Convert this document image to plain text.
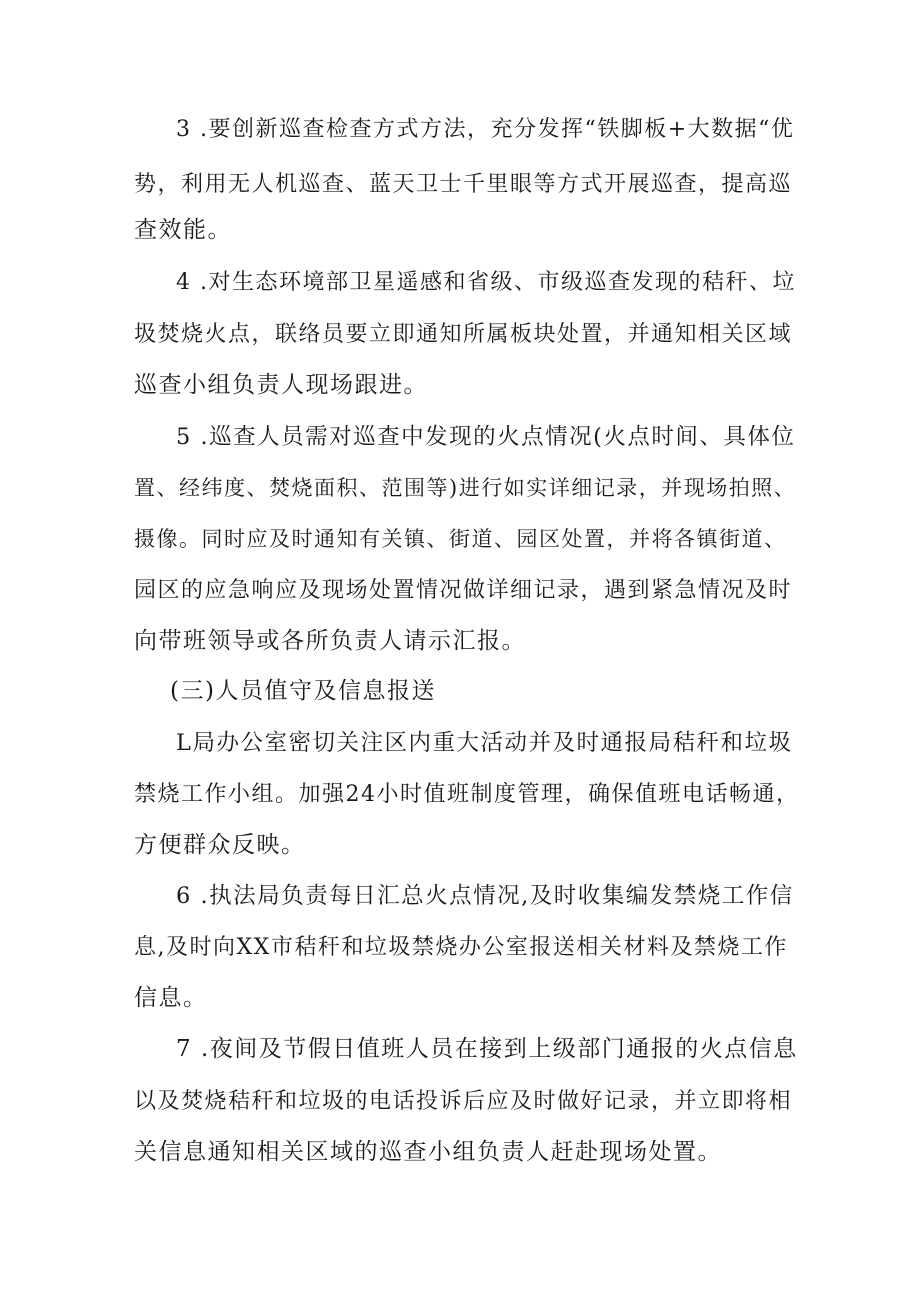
3 .要创新巡查检查方式方法，充分发挥“铁脚板+大数据“优
势，利用无人机巡查、蓝天卫士千里眼等方式开展巡查，提高巡
查效能。
4 .对生态环境部卫星遥感和省级、市级巡查发现的秸秆、垃
圾焚烧火点，联络员要立即通知所属板块处置，并通知相关区域
巡查小组负责人现场跟进。
5 .巡查人员需对巡查中发现的火点情况(火点时间、具体位
置、经纬度、焚烧面积、范围等)进行如实详细记录，并现场拍照、
摄像。同时应及时通知有关镇、街道、园区处置，并将各镇街道、
园区的应急响应及现场处置情况做详细记录，遇到紧急情况及时
向带班领导或各所负责人请示汇报。
(三)人员值守及信息报送
L局办公室密切关注区内重大活动并及时通报局秸秆和垃圾
禁烧工作小组。加强24小时值班制度管理，确保值班电话畅通，
方便群众反映。
6 .执法局负责每日汇总火点情况,及时收集编发禁烧工作信
息,及时向XX市秸秆和垃圾禁烧办公室报送相关材料及禁烧工作
信息。
7 .夜间及节假日值班人员在接到上级部门通报的火点信息
以及焚烧秸秆和垃圾的电话投诉后应及时做好记录，并立即将相
关信息通知相关区域的巡查小组负责人赶赴现场处置。
